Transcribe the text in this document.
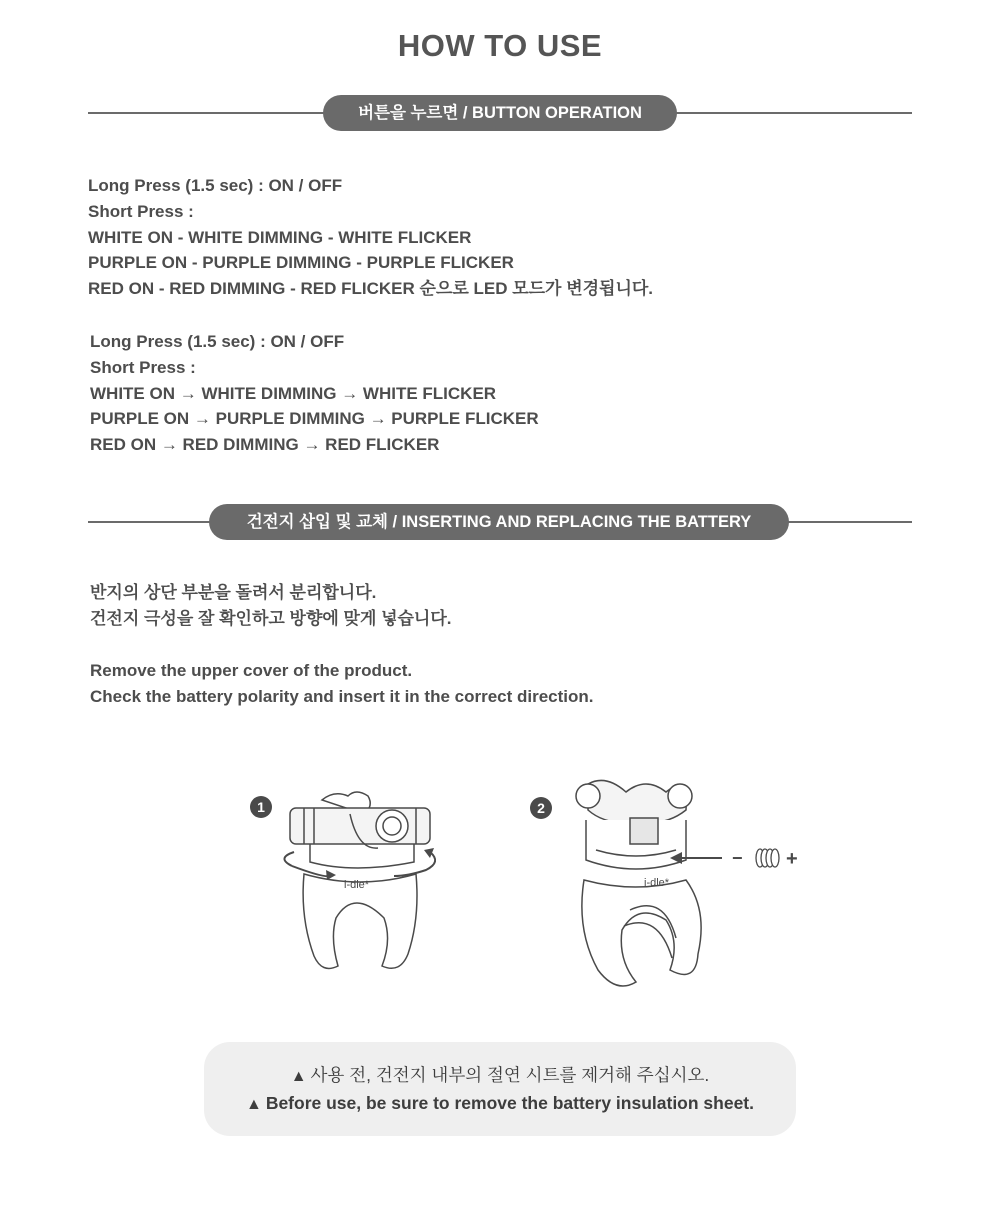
HOW TO USE
버튼을 누르면 / BUTTON OPERATION
Long Press (1.5 sec) : ON / OFF
Short Press :
WHITE ON - WHITE DIMMING - WHITE FLICKER
PURPLE ON - PURPLE DIMMING - PURPLE FLICKER
RED ON - RED DIMMING - RED FLICKER 순으로 LED 모드가 변경됩니다.
Long Press (1.5 sec) : ON / OFF
Short Press :
WHITE ON → WHITE DIMMING → WHITE FLICKER
PURPLE ON → PURPLE DIMMING → PURPLE FLICKER
RED ON → RED DIMMING → RED FLICKER
건전지 삽입 및 교체 / INSERTING AND REPLACING THE BATTERY
반지의 상단 부분을 돌려서 분리합니다.
건전지 극성을 잘 확인하고 방향에 맞게 넣습니다.
Remove the upper cover of the product.
Check the battery polarity and insert it in the correct direction.
1
i-dle*
2
− +
i-dle*
▲ 사용 전, 건전지 내부의 절연 시트를 제거해 주십시오.
▲ Before use, be sure to remove the battery insulation sheet.
